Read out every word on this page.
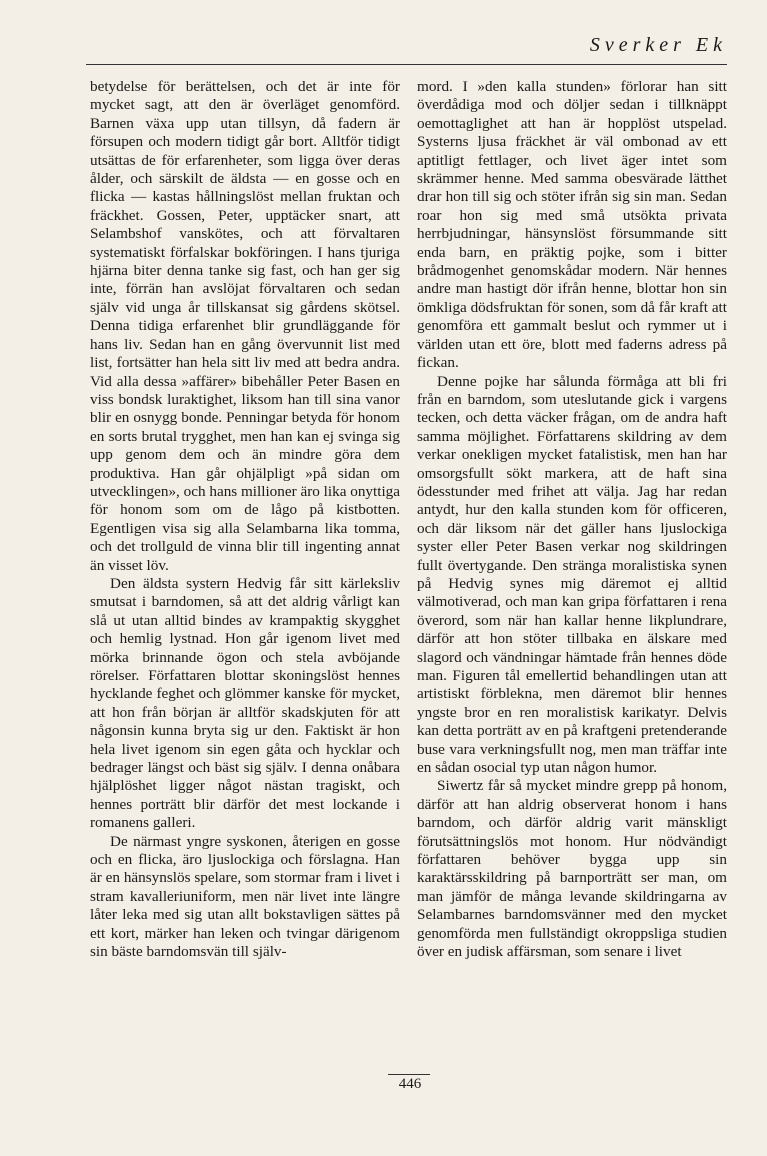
Sverker Ek

betydelse för berättelsen, och det är inte för mycket sagt, att den är överläget genomförd. Barnen växa upp utan tillsyn, då fadern är försupen och modern tidigt går bort. Alltför tidigt utsättas de för erfarenheter, som ligga över deras ålder, och särskilt de äldsta — en gosse och en flicka — kastas hållningslöst mellan fruktan och fräckhet. Gossen, Peter, upptäcker snart, att Selambshof vanskötes, och att förvaltaren systematiskt förfalskar bokföringen. I hans tjuriga hjärna biter denna tanke sig fast, och han ger sig inte, förrän han avslöjat förvaltaren och sedan själv vid unga år tillskansat sig gårdens skötsel. Denna tidiga erfarenhet blir grundläggande för hans liv. Sedan han en gång övervunnit list med list, fortsätter han hela sitt liv med att bedra andra. Vid alla dessa »affärer» bibehåller Peter Basen en viss bondsk luraktighet, liksom han till sina vanor blir en osnygg bonde. Penningar betyda för honom en sorts brutal trygghet, men han kan ej svinga sig upp genom dem och än mindre göra dem produktiva. Han går ohjälpligt »på sidan om utvecklingen», och hans millioner äro lika onyttiga för honom som om de lågo på kistbotten. Egentligen visa sig alla Selambarna lika tomma, och det trollguld de vinna blir till ingenting annat än visset löv.

Den äldsta systern Hedvig får sitt kärleksliv smutsat i barndomen, så att det aldrig vårligt kan slå ut utan alltid bindes av krampaktig skygghet och hemlig lystnad. Hon går igenom livet med mörka brinnande ögon och stela avböjande rörelser. Författaren blottar skoningslöst hennes hycklande feghet och glömmer kanske för mycket, att hon från början är alltför skadskjuten för att någonsin kunna bryta sig ur den. Faktiskt är hon hela livet igenom sin egen gåta och hycklar och bedrager längst och bäst sig själv. I denna onåbara hjälplöshet ligger något nästan tragiskt, och hennes porträtt blir därför det mest lockande i romanens galleri.

De närmast yngre syskonen, återigen en gosse och en flicka, äro ljuslockiga och förslagna. Han är en hänsynslös spelare, som stormar fram i livet i stram kavalleriuniform, men när livet inte längre låter leka med sig utan allt bokstavligen sättes på ett kort, märker han leken och tvingar därigenom sin bäste barndomsvän till själv-

mord. I »den kalla stunden» förlorar han sitt överdådiga mod och döljer sedan i tillknäppt oemottaglighet att han är hopplöst utspelad. Systerns ljusa fräckhet är väl ombonad av ett aptitligt fettlager, och livet äger intet som skrämmer henne. Med samma obesvärade lätthet drar hon till sig och stöter ifrån sig sin man. Sedan roar hon sig med små utsökta privata herrbjudningar, hänsynslöst försummande sitt enda barn, en präktig pojke, som i bitter brådmogenhet genomskådar modern. När hennes andre man hastigt dör ifrån henne, blottar hon sin ömkliga dödsfruktan för sonen, som då får kraft att genomföra ett gammalt beslut och rymmer ut i världen utan ett öre, blott med faderns adress på fickan.

Denne pojke har sålunda förmåga att bli fri från en barndom, som uteslutande gick i vargens tecken, och detta väcker frågan, om de andra haft samma möjlighet. Författarens skildring av dem verkar onekligen mycket fatalistisk, men han har omsorgsfullt sökt markera, att de haft sina ödesstunder med frihet att välja. Jag har redan antydt, hur den kalla stunden kom för officeren, och där liksom när det gäller hans ljuslockiga syster eller Peter Basen verkar nog skildringen fullt övertygande. Den stränga moralistiska synen på Hedvig synes mig däremot ej alltid välmotiverad, och man kan gripa författaren i rena överord, som när han kallar henne likplundrare, därför att hon stöter tillbaka en älskare med slagord och vändningar hämtade från hennes döde man. Figuren tål emellertid behandlingen utan att artistiskt förblekna, men däremot blir hennes yngste bror en ren moralistisk karikatyr. Delvis kan detta porträtt av en på kraftgeni pretenderande buse vara verkningsfullt nog, men man träffar inte en sådan osocial typ utan någon humor.

Siwertz får så mycket mindre grepp på honom, därför att han aldrig observerat honom i hans barndom, och därför aldrig varit mänskligt förutsättningslös mot honom. Hur nödvändigt författaren behöver bygga upp sin karaktärsskildring på barnporträtt ser man, om man jämför de många levande skildringarna av Selambarnes barndomsvänner med den mycket genomförda men fullständigt okroppsliga studien över en judisk affärsman, som senare i livet

446
